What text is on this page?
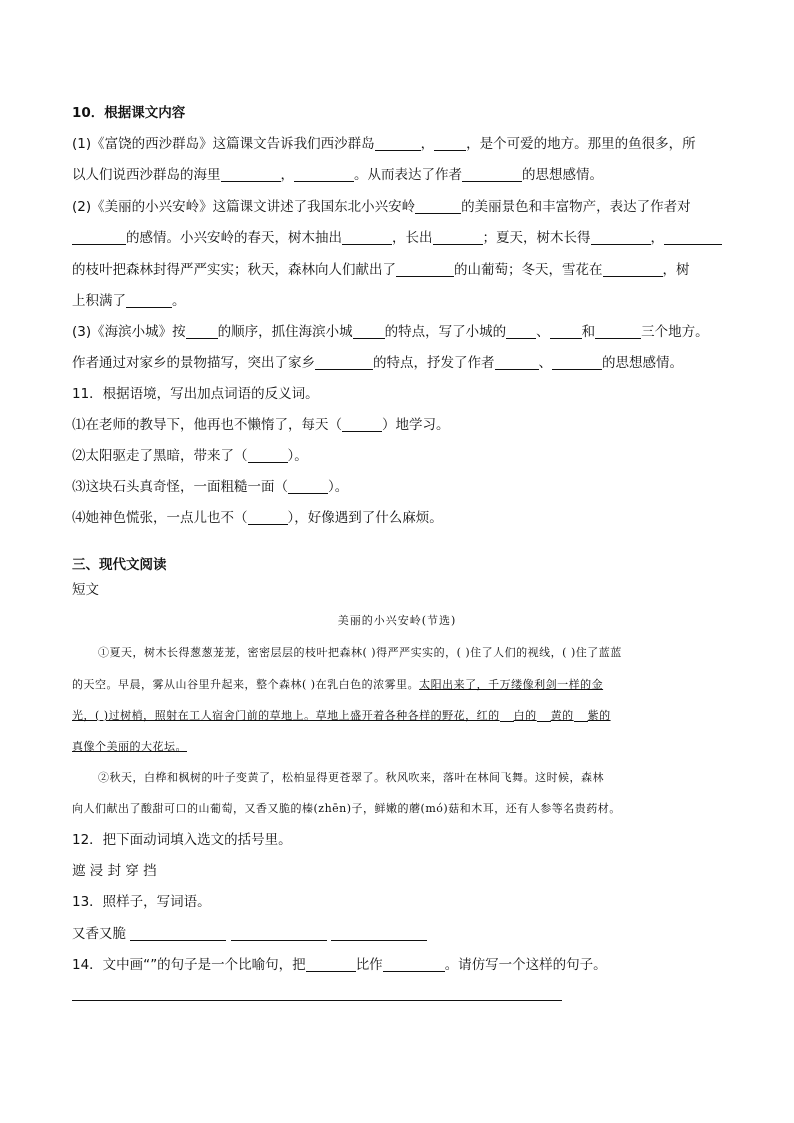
10．根据课文内容
(1)《富饶的西沙群岛》这篇课文告诉我们西沙群岛	， ，是个可爱的地方。那里的鱼很多，所
以人们说西沙群岛的海里	，	。从而表达了作者	的思想感情。
(2)《美丽的小兴安岭》这篇课文讲述了我国东北小兴安岭	的美丽景色和丰富物产，表达了作者对
的感情。小兴安岭的春天，树木抽出	，长出	；夏天，树木长得	，
的枝叶把森林封得严严实实；秋天，森林向人们献出了	的山葡萄；冬天，雪花在	，树
上积满了	。
(3)《海滨小城》按 的顺序，抓住海滨小城 的特点，写了小城的 、 和	三个地方。
作者通过对家乡的景物描写，突出了家乡	的特点，抒发了作者	、	的思想感情。
11．根据语境，写出加点词语的反义词。
⑴在老师的教导下，他再也不懒惰了，每天（	）地学习。
⑵太阳驱走了黑暗，带来了（	）。
⑶这块石头真奇怪，一面粗糙一面（	）。
⑷她神色慌张，一点儿也不（	），好像遇到了什么麻烦。
三、现代文阅读
短文
美丽的小兴安岭(节选)
①夏天，树木长得葱葱茏茏，密密层层的枝叶把森林( )得严严实实的，( )住了人们的视线，( )住了蓝蓝
的天空。早晨，雾从山谷里升起来，整个森林( )在乳白色的浓雾里。太阳出来了，千万缕像利剑一样的金
光，( )过树梢，照射在工人宿舍门前的草地上。草地上盛开着各种各样的野花，红的 白的 黄的 紫的
真像个美丽的大花坛。
②秋天，白桦和枫树的叶子变黄了，松柏显得更苍翠了。秋风吹来，落叶在林间飞舞。这时候，森林
向人们献出了酸甜可口的山葡萄，又香又脆的榛(zhēn)子，鲜嫩的蘑(mó)菇和木耳，还有人参等名贵药材。
12．把下面动词填入选文的括号里。
遮 浸 封 穿 挡
13．照样子，写词语。
又香又脆
14．文中画“”的句子是一个比喻句，把	比作	。请仿写一个这样的句子。
